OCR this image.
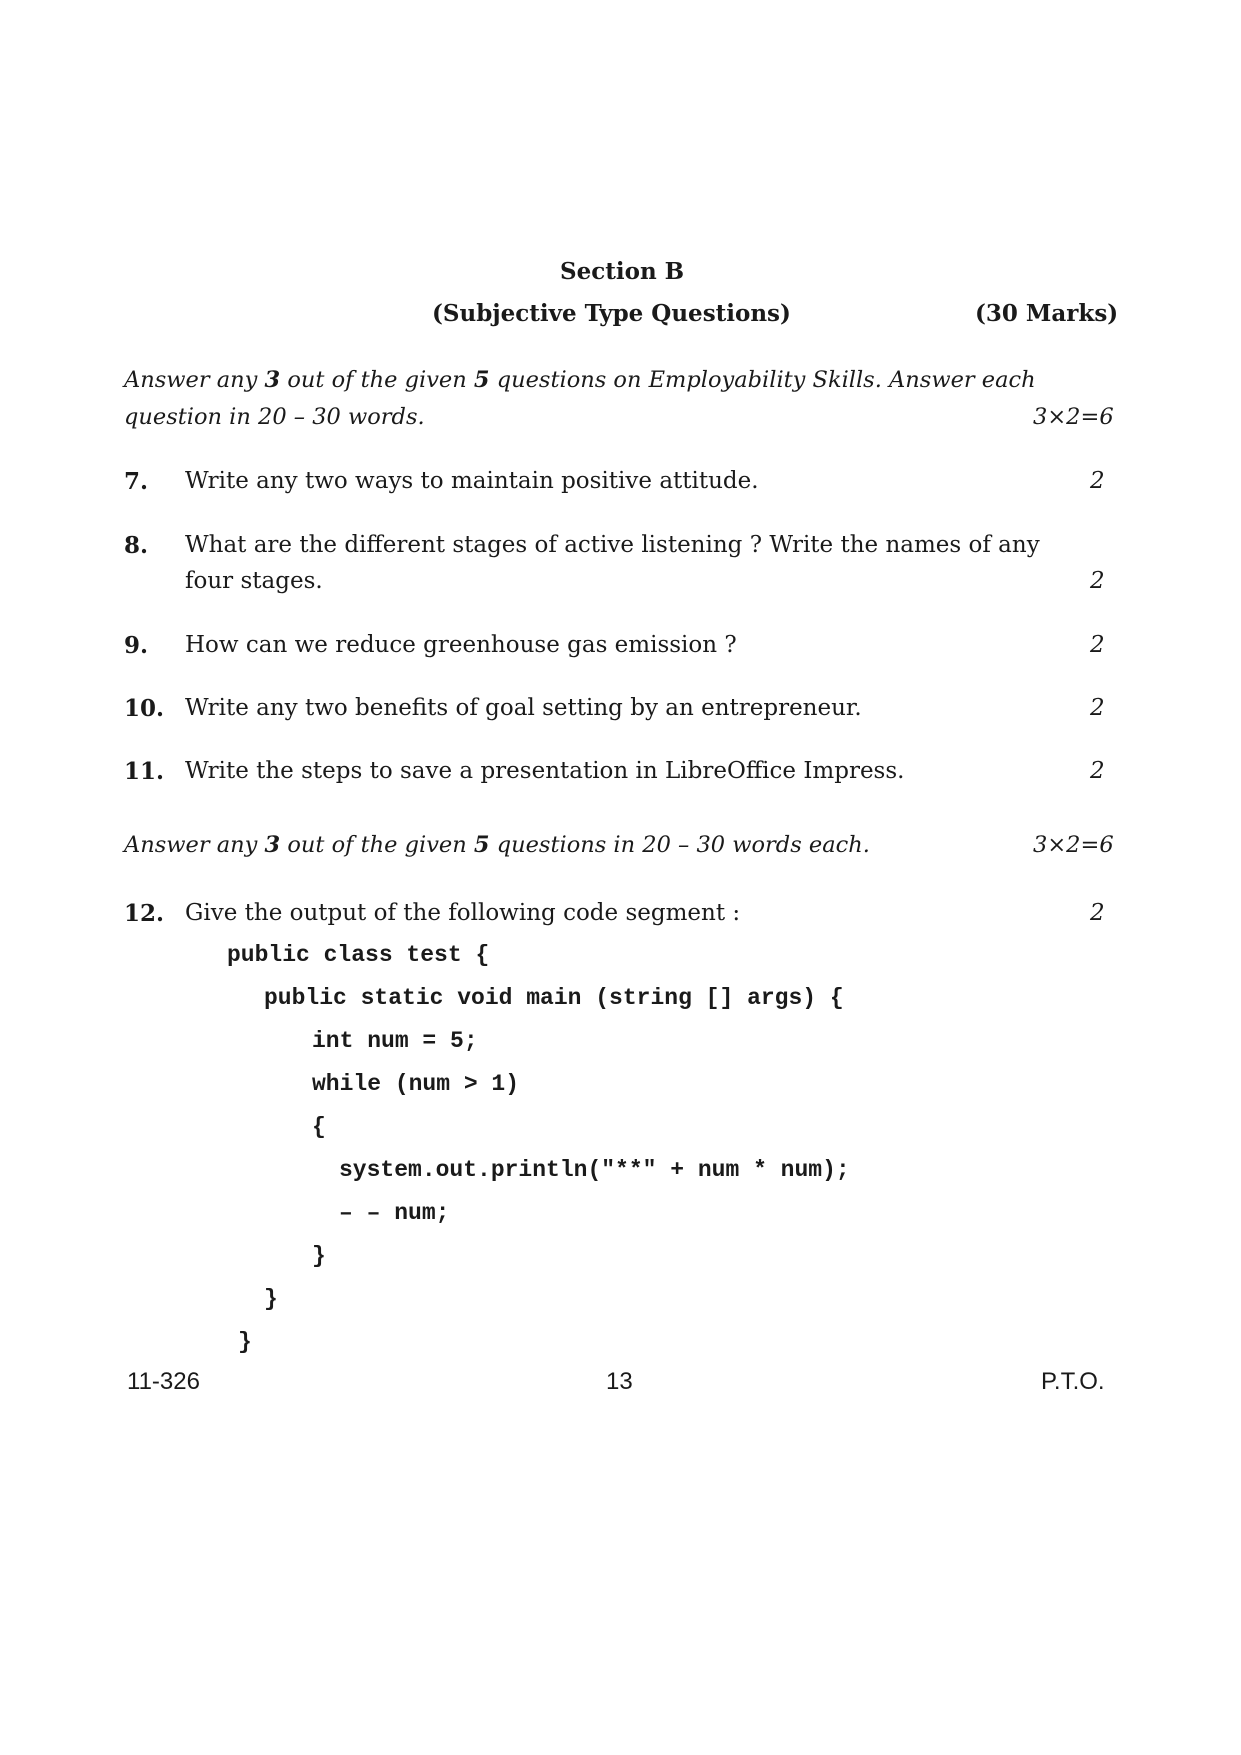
Section B
(Subjective Type Questions)	(30 Marks)
Answer any 3 out of the given 5 questions on Employability Skills. Answer each
question in 20 – 30 words.	3×2=6
7. Write any two ways to maintain positive attitude.	2
8. What are the different stages of active listening ? Write the names of any
four stages.	2
9. How can we reduce greenhouse gas emission ?	2
10. Write any two benefits of goal setting by an entrepreneur.	2
11. Write the steps to save a presentation in LibreOffice Impress.	2
Answer any 3 out of the given 5 questions in 20 – 30 words each.	3×2=6
12. Give the output of the following code segment :	2
public class test {
public static void main (string [] args) {
int num = 5;
while (num > 1)
{
system.out.println("**" + num * num);
– – num;
}
}
}
11-326	13	P.T.O.
